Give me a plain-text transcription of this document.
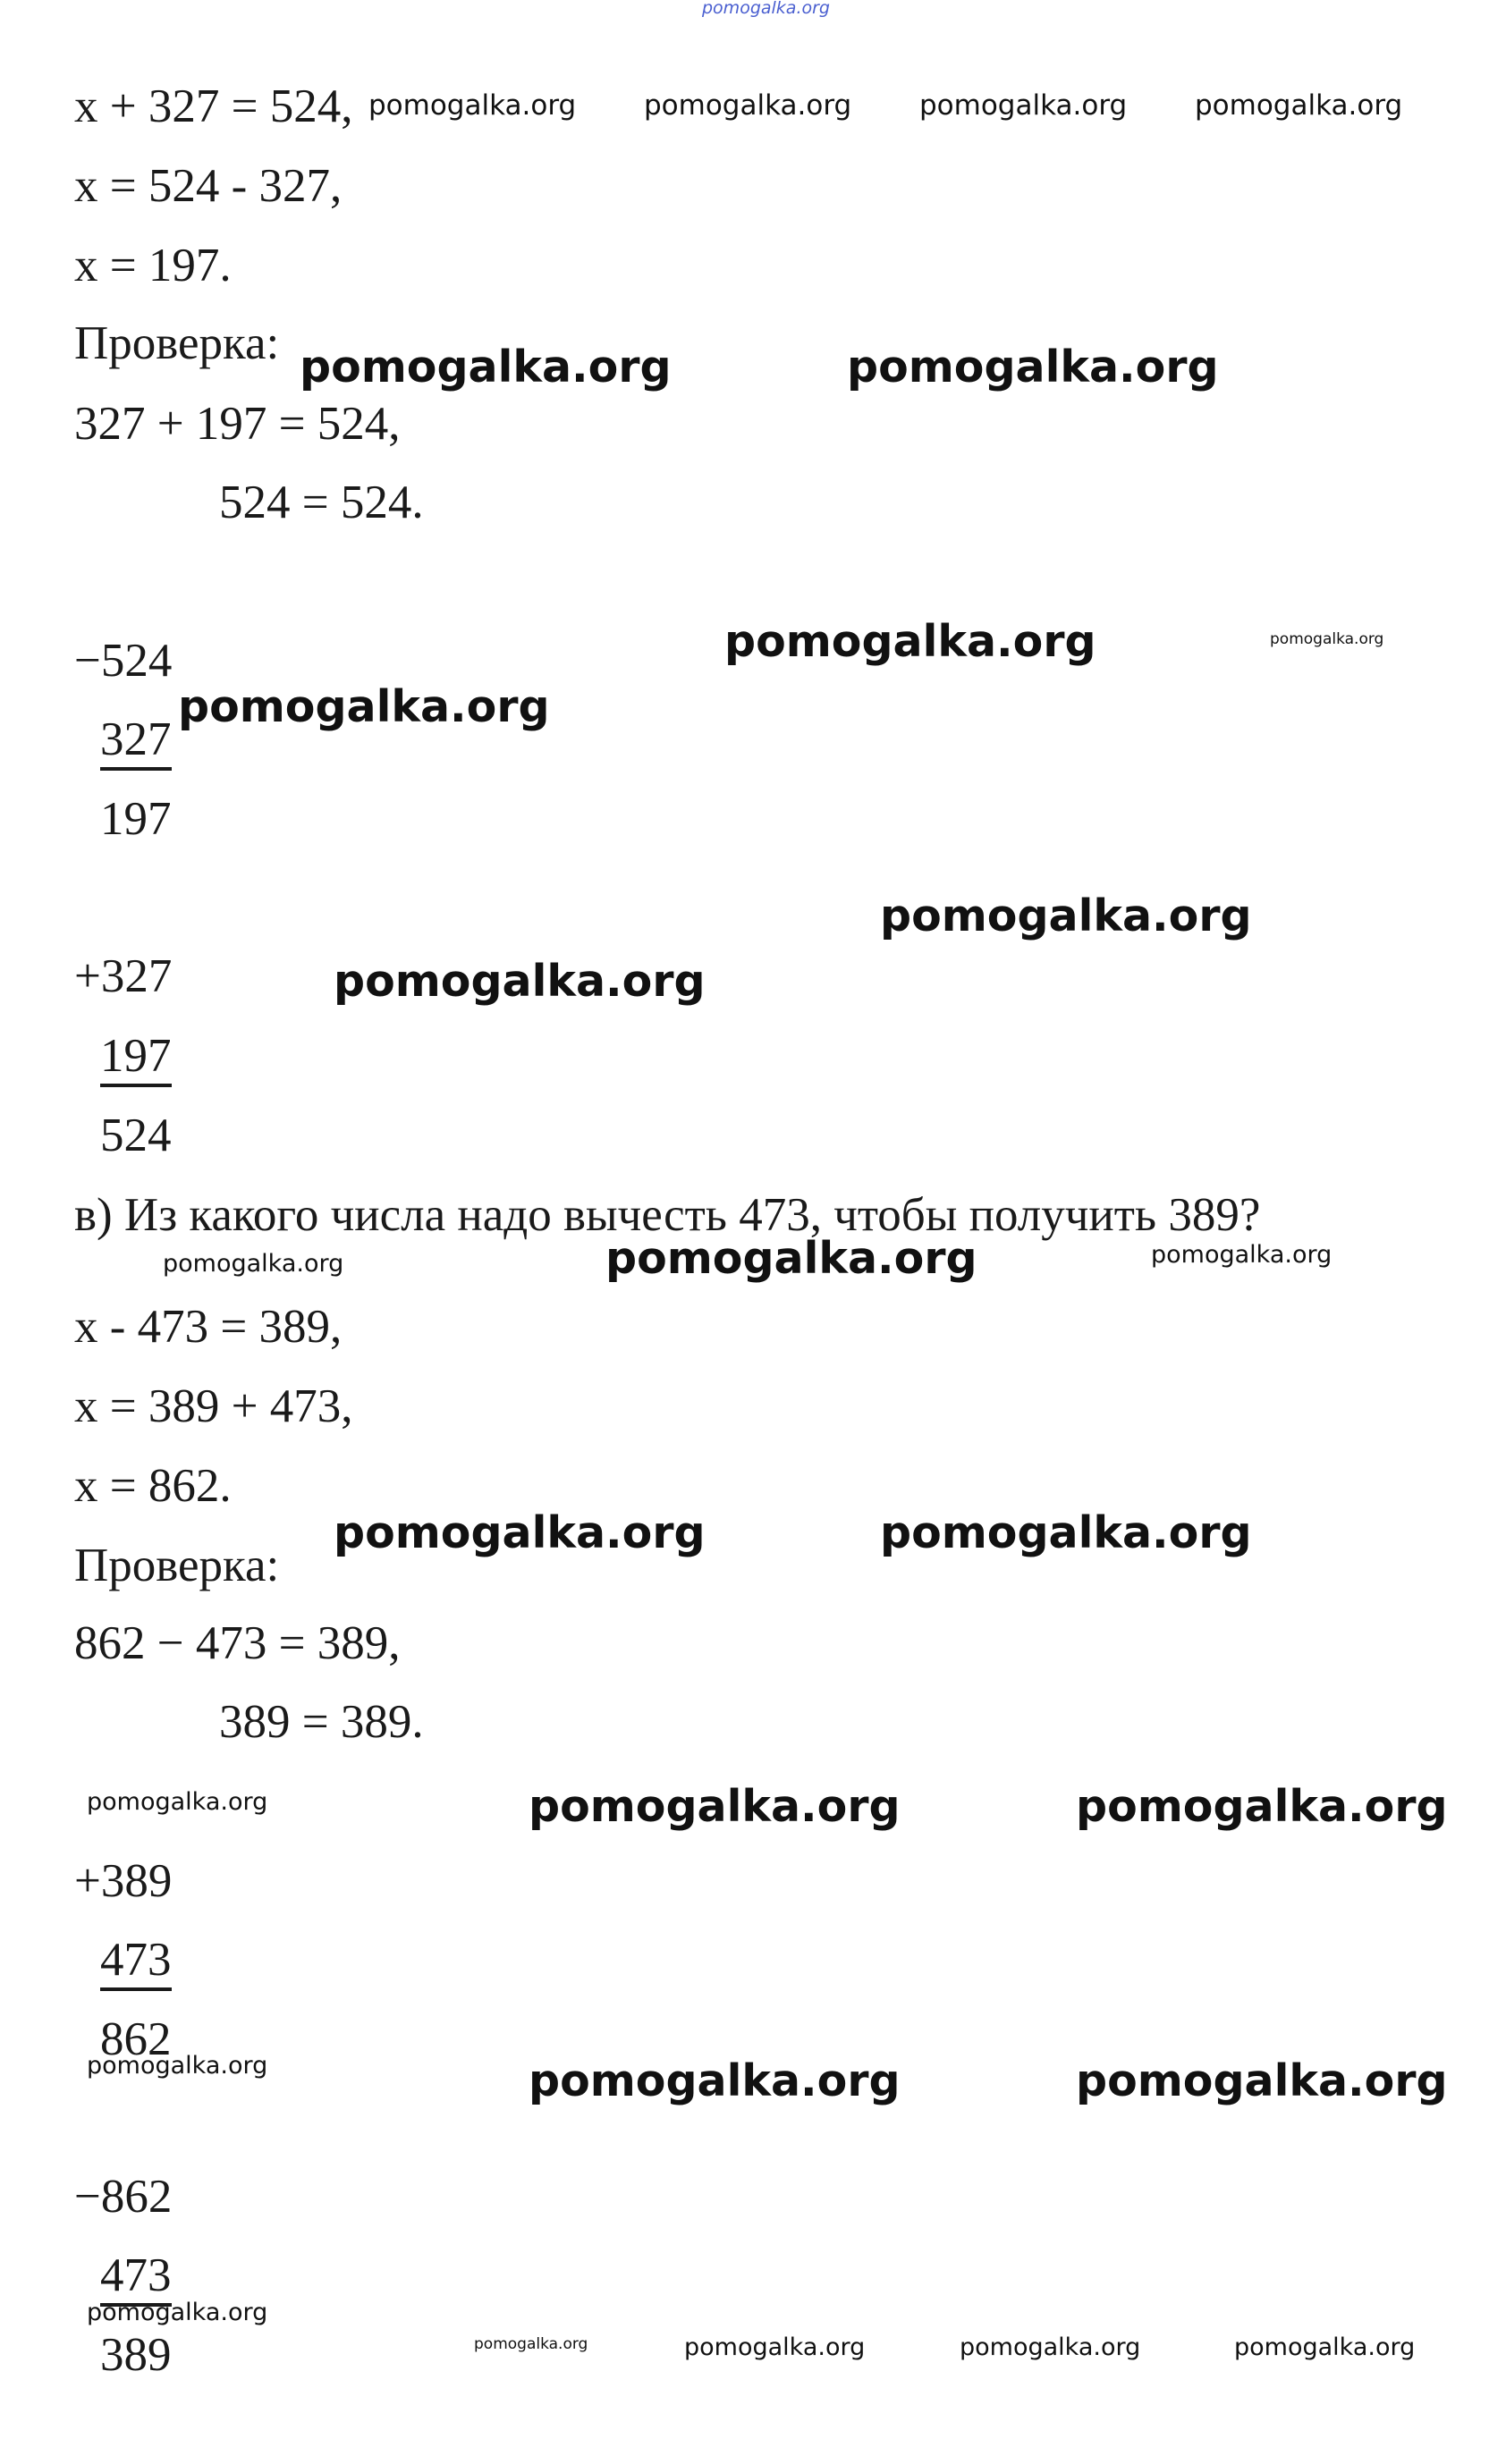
pomogalka.org
x + 327 = 524,
x = 524 - 327,
x = 197.
Проверка:
327 + 197 = 524,
524 = 524.
−524
327
197
+327
197
524
в) Из какого числа надо вычесть 473, чтобы получить 389?
x - 473 = 389,
x = 389 + 473,
x = 862.
Проверка:
862 − 473 = 389,
389 = 389.
+389
473
862
−862
473
389
pomogalka.org pomogalka.org pomogalka.org pomogalka.org
pomogalka.org	pomogalka.org
pomogalka.org	pomogalka.org
pomogalka.org
pomogalka.org
pomogalka.org
pomogalka.org	pomogalka.org	pomogalka.org
pomogalka.org	pomogalka.org
pomogalka.org	pomogalka.org	pomogalka.org
pomogalka.org	pomogalka.org	pomogalka.org
pomogalka.org
pomogalka.org	pomogalka.org	pomogalka.org	pomogalka.org
